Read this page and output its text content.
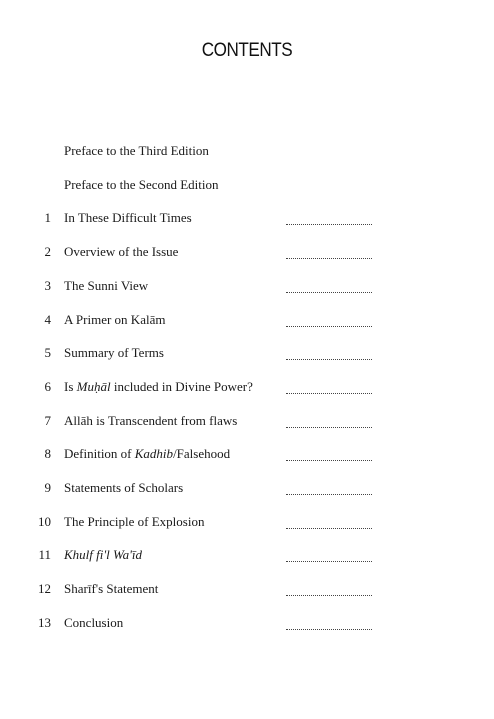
CONTENTS
Preface to the Third Edition
Preface to the Second Edition
1 In These Difficult Times
2 Overview of the Issue
3 The Sunni View
4 A Primer on Kalām
5 Summary of Terms
6 Is Muḥāl included in Divine Power?
7 Allāh is Transcendent from flaws
8 Definition of Kadhib/Falsehood
9 Statements of Scholars
10 The Principle of Explosion
11 Khulf fi'l Wa'īd
12 Sharīf's Statement
13 Conclusion
